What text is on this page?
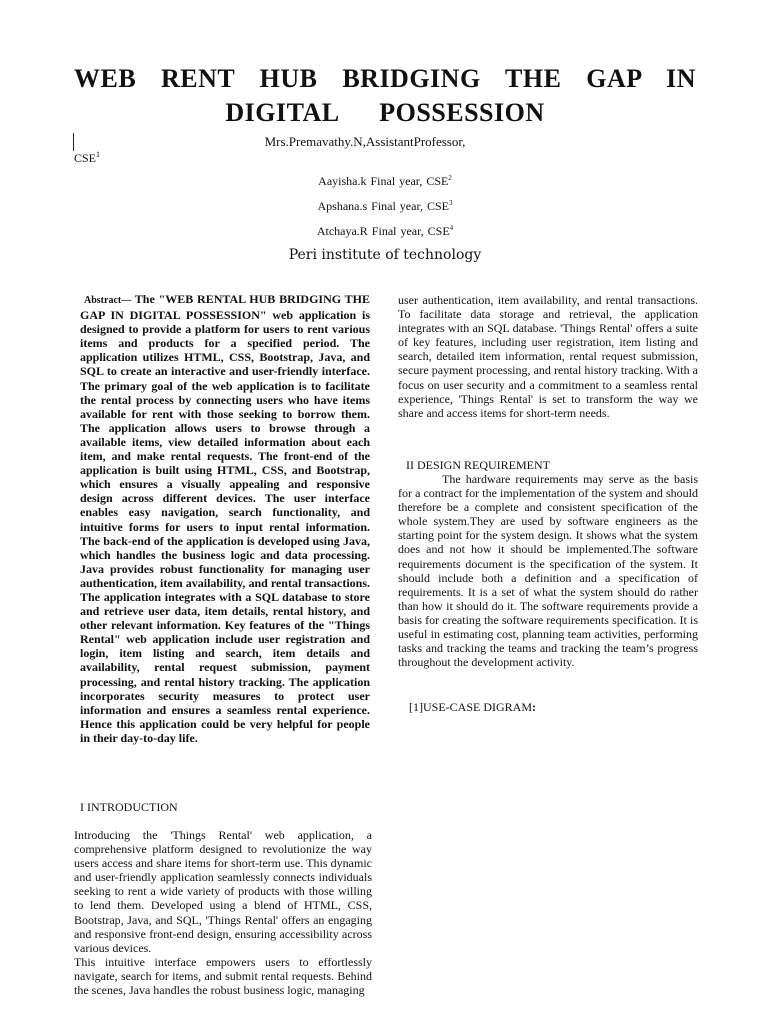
WEB RENT HUB BRIDGING THE GAP IN
DIGITAL POSSESSION
Mrs.Premavathy.N,AssistantProfessor,
CSE$^1$
Aayisha.k Final year, CSE$^2$
Apshana.s Final year, CSE$^3$
Atchaya.R Final year, CSE$^4$
Peri institute of technology

Abstract— The "WEB RENTAL HUB BRIDGING THE GAP IN DIGITAL POSSESSION" web application is designed to provide a platform for users to rent various items and products for a specified period. The application utilizes HTML, CSS, Bootstrap, Java, and SQL to create an interactive and user-friendly interface. The primary goal of the web application is to facilitate the rental process by connecting users who have items available for rent with those seeking to borrow them. The application allows users to browse through a available items, view detailed information about each item, and make rental requests. The front-end of the application is built using HTML, CSS, and Bootstrap, which ensures a visually appealing and responsive design across different devices. The user interface enables easy navigation, search functionality, and intuitive forms for users to input rental information. The back-end of the application is developed using Java, which handles the business logic and data processing. Java provides robust functionality for managing user authentication, item availability, and rental transactions. The application integrates with a SQL database to store and retrieve user data, item details, rental history, and other relevant information. Key features of the "Things Rental" web application include user registration and login, item listing and search, item details and availability, rental request submission, payment processing, and rental history tracking. The application incorporates security measures to protect user information and ensures a seamless rental experience. Hence this application could be very helpful for people in their day-to-day life.

I INTRODUCTION

Introducing the 'Things Rental' web application, a comprehensive platform designed to revolutionize the way users access and share items for short-term use. This dynamic and user-friendly application seamlessly connects individuals seeking to rent a wide variety of products with those willing to lend them. Developed using a blend of HTML, CSS, Bootstrap, Java, and SQL, 'Things Rental' offers an engaging and responsive front-end design, ensuring accessibility across various devices.

This intuitive interface empowers users to effortlessly navigate, search for items, and submit rental requests. Behind the scenes, Java handles the robust business logic, managing

user authentication, item availability, and rental transactions. To facilitate data storage and retrieval, the application integrates with an SQL database. 'Things Rental' offers a suite of key features, including user registration, item listing and search, detailed item information, rental request submission, secure payment processing, and rental history tracking. With a focus on user security and a commitment to a seamless rental experience, 'Things Rental' is set to transform the way we share and access items for short-term needs.

II DESIGN REQUIREMENT

The hardware requirements may serve as the basis for a contract for the implementation of the system and should therefore be a complete and consistent specification of the whole system.They are used by software engineers as the starting point for the system design. It shows what the system does and not how it should be implemented.The software requirements document is the specification of the system. It should include both a definition and a specification of requirements. It is a set of what the system should do rather than how it should do it. The software requirements provide a basis for creating the software requirements specification. It is useful in estimating cost, planning team activities, performing tasks and tracking the teams and tracking the team’s progress throughout the development activity.

[1]USE-CASE DIGRAM:
